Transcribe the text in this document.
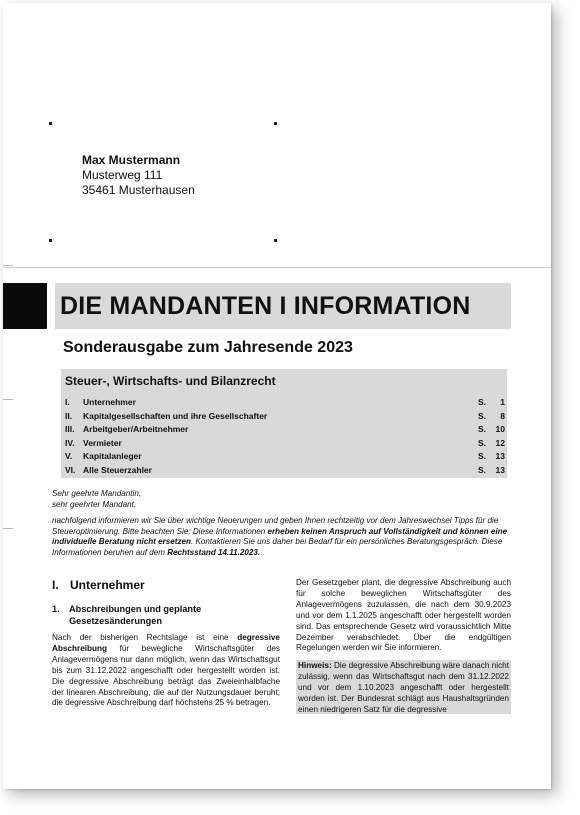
Max Mustermann
Musterweg 111
35461 Musterhausen
DIE MANDANTEN I INFORMATION
Sonderausgabe zum Jahresende 2023
Steuer-, Wirtschafts- und Bilanzrecht
I.	Unternehmer	S. 1
II.	Kapitalgesellschaften und ihre Gesellschafter	S. 8
III.	Arbeitgeber/Arbeitnehmer	S. 10
IV. Vermieter	S. 12
V.	Kapitalanleger	S. 13
VI. Alle Steuerzahler	S. 13

Sehr geehrte Mandantin,

sehr geehrter Mandant,

nachfolgend informieren wir Sie über wichtige Neuerungen und geben Ihnen rechtzeitig vor dem Jahreswechsel Tipps für die Steueroptimierung. Bitte beachten Sie: Diese Informationen erheben keinen Anspruch auf Vollständigkeit und können eine individuelle Beratung nicht ersetzen. Kontaktieren Sie uns daher bei Bedarf für ein persönliches Beratungsgespräch. Diese Informationen beruhen auf dem Rechtsstand 14.11.2023.

I. Unternehmer
1.	Abschreibungen und geplante Gesetzesänderungen

Nach der bisherigen Rechtslage ist eine degressive Abschreibung für bewegliche Wirtschaftsgüter des Anlagevermögens nur dann möglich, wenn das Wirtschaftsgut bis zum 31.12.2022 angeschafft oder hergestellt worden ist. Die degressive Abschreibung beträgt das Zweieinhalbfache der linearen Abschreibung, die auf der Nutzungsdauer beruht; die degressive Abschreibung darf höchstens 25 % betragen.

Der Gesetzgeber plant, die degressive Abschreibung auch für solche beweglichen Wirtschaftsgüter des Anlagevermögens zuzulassen, die nach dem 30.9.2023 und vor dem 1.1.2025 angeschafft oder hergestellt worden sind. Das entsprechende Gesetz wird voraussichtlich Mitte Dezember verabschiedet. Über die endgültigen Regelungen werden wir Sie informieren.

Hinweis: Die degressive Abschreibung wäre danach nicht zulässig, wenn das Wirtschaftsgut nach dem 31.12.2022 und vor dem 1.10.2023 angeschafft oder hergestellt worden ist. Der Bundesrat schlägt aus Haushaltsgründen einen niedrigeren Satz für die degressive
